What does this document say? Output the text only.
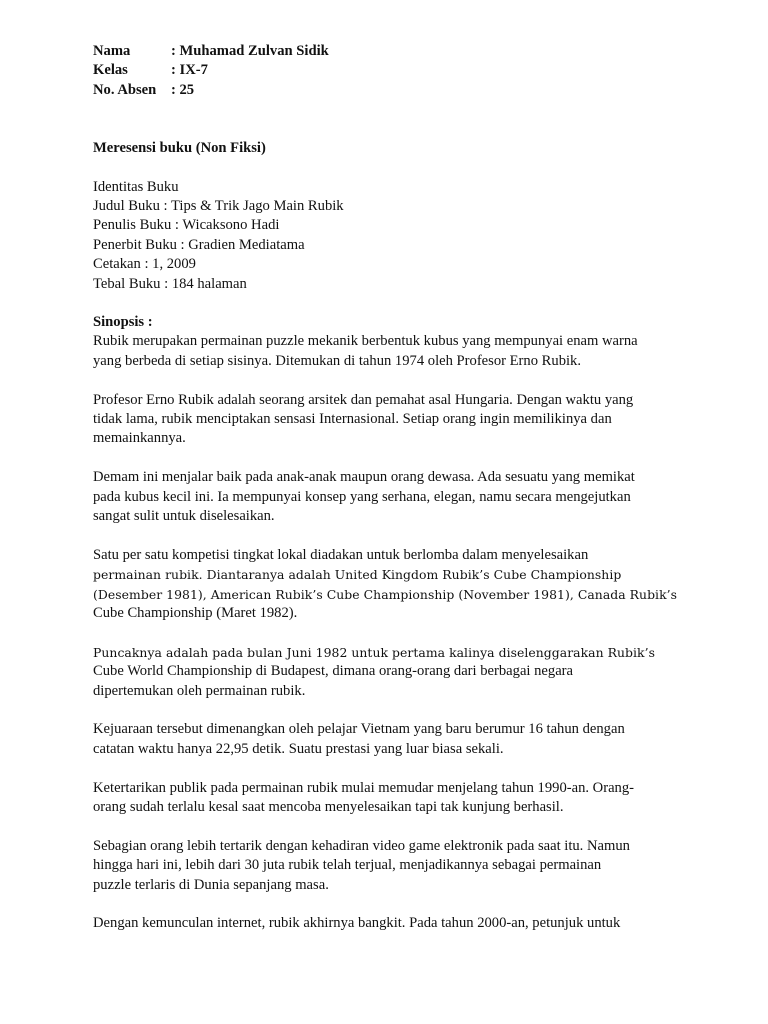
Nama	: Muhamad Zulvan Sidik
Kelas	: IX-7
No. Absen	: 25
Meresensi buku (Non Fiksi)
Identitas Buku
Judul Buku : Tips & Trik Jago Main Rubik
Penulis Buku : Wicaksono Hadi
Penerbit Buku : Gradien Mediatama
Cetakan : 1, 2009
Tebal Buku : 184 halaman
Sinopsis :
Rubik merupakan permainan puzzle mekanik berbentuk kubus yang mempunyai enam warna
yang berbeda di setiap sisinya. Ditemukan di tahun 1974 oleh Profesor Erno Rubik.
Profesor Erno Rubik adalah seorang arsitek dan pemahat asal Hungaria. Dengan waktu yang
tidak lama, rubik menciptakan sensasi Internasional. Setiap orang ingin memilikinya dan
memainkannya.
Demam ini menjalar baik pada anak-anak maupun orang dewasa. Ada sesuatu yang memikat
pada kubus kecil ini. Ia mempunyai konsep yang serhana, elegan, namu secara mengejutkan
sangat sulit untuk diselesaikan.
Satu per satu kompetisi tingkat lokal diadakan untuk berlomba dalam menyelesaikan
permainan rubik. Diantaranya adalah United Kingdom Rubik’s Cube Championship
(Desember 1981), American Rubik’s Cube Championship (November 1981), Canada Rubik’s
Cube Championship (Maret 1982).
Puncaknya adalah pada bulan Juni 1982 untuk pertama kalinya diselenggarakan Rubik’s
Cube World Championship di Budapest, dimana orang-orang dari berbagai negara
dipertemukan oleh permainan rubik.
Kejuaraan tersebut dimenangkan oleh pelajar Vietnam yang baru berumur 16 tahun dengan
catatan waktu hanya 22,95 detik. Suatu prestasi yang luar biasa sekali.
Ketertarikan publik pada permainan rubik mulai memudar menjelang tahun 1990-an. Orang-
orang sudah terlalu kesal saat mencoba menyelesaikan tapi tak kunjung berhasil.
Sebagian orang lebih tertarik dengan kehadiran video game elektronik pada saat itu. Namun
hingga hari ini, lebih dari 30 juta rubik telah terjual, menjadikannya sebagai permainan
puzzle terlaris di Dunia sepanjang masa.
Dengan kemunculan internet, rubik akhirnya bangkit. Pada tahun 2000-an, petunjuk untuk
